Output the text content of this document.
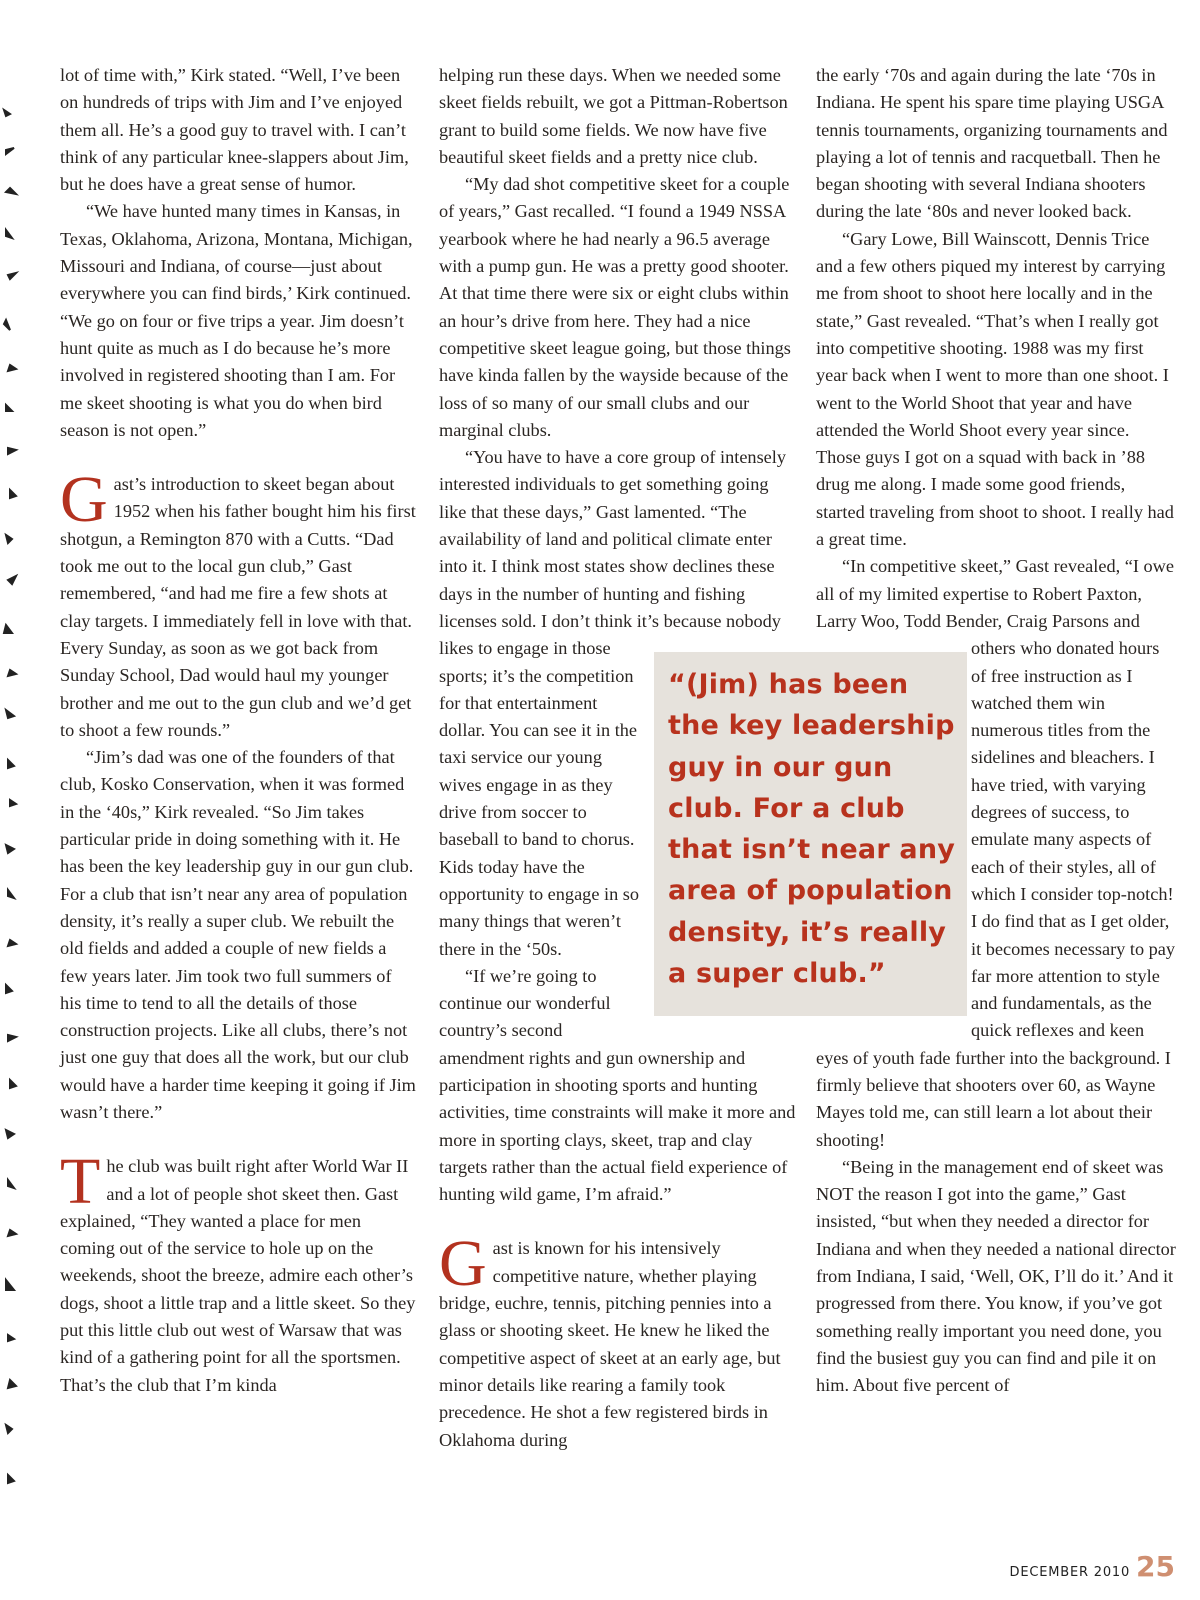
lot of time with,” Kirk stated. “Well, I’ve been on hundreds of trips with Jim and I’ve enjoyed them all. He’s a good guy to travel with. I can’t think of any particular knee-slappers about Jim, but he does have a great sense of humor.

“We have hunted many times in Kansas, in Texas, Oklahoma, Arizona, Montana, Michigan, Missouri and Indiana, of course—just about everywhere you can find birds,’ Kirk continued. “We go on four or five trips a year. Jim doesn’t hunt quite as much as I do because he’s more involved in registered shooting than I am. For me skeet shooting is what you do when bird season is not open.”

Gast’s introduction to skeet began about 1952 when his father bought him his first shotgun, a Remington 870 with a Cutts. “Dad took me out to the local gun club,” Gast remembered, “and had me fire a few shots at clay targets. I immediately fell in love with that. Every Sunday, as soon as we got back from Sunday School, Dad would haul my younger brother and me out to the gun club and we’d get to shoot a few rounds.”

“Jim’s dad was one of the founders of that club, Kosko Conservation, when it was formed in the ‘40s,” Kirk revealed. “So Jim takes particular pride in doing something with it. He has been the key leadership guy in our gun club. For a club that isn’t near any area of population density, it’s really a super club. We rebuilt the old fields and added a couple of new fields a few years later. Jim took two full summers of his time to tend to all the details of those construction projects. Like all clubs, there’s not just one guy that does all the work, but our club would have a harder time keeping it going if Jim wasn’t there.”

The club was built right after World War II and a lot of people shot skeet then. Gast explained, “They wanted a place for men coming out of the service to hole up on the weekends, shoot the breeze, admire each other’s dogs, shoot a little trap and a little skeet. So they put this little club out west of Warsaw that was kind of a gathering point for all the sportsmen. That’s the club that I’m kinda

helping run these days. When we needed some skeet fields rebuilt, we got a Pittman-Robertson grant to build some fields. We now have five beautiful skeet fields and a pretty nice club.

“My dad shot competitive skeet for a couple of years,” Gast recalled. “I found a 1949 NSSA yearbook where he had nearly a 96.5 average with a pump gun. He was a pretty good shooter. At that time there were six or eight clubs within an hour’s drive from here. They had a nice competitive skeet league going, but those things have kinda fallen by the wayside because of the loss of so many of our small clubs and our marginal clubs.

“You have to have a core group of intensely interested individuals to get something going like that these days,” Gast lamented. “The availability of land and political climate enter into it. I think most states show declines these days in the number of hunting and fishing licenses sold. I don’t think it’s because nobody likes to engage in those sports; it’s the competition for that entertainment dollar. You can see it in the taxi service our young wives engage in as they drive from soccer to baseball to band to chorus. Kids today have the opportunity to engage in so many things that weren’t there in the ‘50s.

“If we’re going to continue our wonderful country’s second amendment rights and gun ownership and participation in shooting sports and hunting activities, time constraints will make it more and more in sporting clays, skeet, trap and clay targets rather than the actual field experience of hunting wild game, I’m afraid.”

Gast is known for his intensively competitive nature, whether playing bridge, euchre, tennis, pitching pennies into a glass or shooting skeet. He knew he liked the competitive aspect of skeet at an early age, but minor details like rearing a family took precedence. He shot a few registered birds in Oklahoma during

the early ‘70s and again during the late ‘70s in Indiana. He spent his spare time playing USGA tennis tournaments, organizing tournaments and playing a lot of tennis and racquetball. Then he began shooting with several Indiana shooters during the late ‘80s and never looked back.

“Gary Lowe, Bill Wainscott, Dennis Trice and a few others piqued my interest by carrying me from shoot to shoot here locally and in the state,” Gast revealed. “That’s when I really got into competitive shooting. 1988 was my first year back when I went to more than one shoot. I went to the World Shoot that year and have attended the World Shoot every year since. Those guys I got on a squad with back in ’88 drug me along. I made some good friends, started traveling from shoot to shoot. I really had a great time.

“In competitive skeet,” Gast revealed, “I owe all of my limited expertise to Robert Paxton, Larry Woo, Todd Bender, Craig Parsons and others who donated hours of free instruction as I watched them win numerous titles from the sidelines and bleachers. I have tried, with varying degrees of success, to emulate many aspects of each of their styles, all of which I consider top-notch! I do find that as I get older, it becomes necessary to pay far more attention to style and fundamentals, as the quick reflexes and keen eyes of youth fade further into the background. I firmly believe that shooters over 60, as Wayne Mayes told me, can still learn a lot about their shooting!

“Being in the management end of skeet was NOT the reason I got into the game,” Gast insisted, “but when they needed a director for Indiana and when they needed a national director from Indiana, I said, ‘Well, OK, I’ll do it.’ And it progressed from there. You know, if you’ve got something really important you need done, you find the busiest guy you can find and pile it on him. About five percent of

“(Jim) has been the key leadership guy in our gun club. For a club that isn’t near any area of population density, it’s really a super club.”
DECEMBER 2010 25
